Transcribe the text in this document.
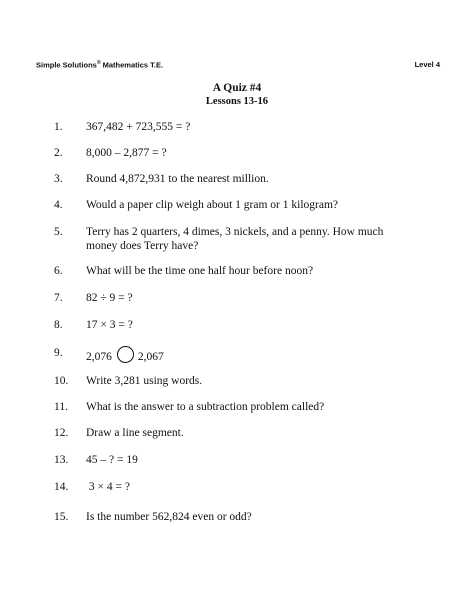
Simple Solutions® Mathematics T.E.	Level 4
A Quiz #4
Lessons 13-16
1.	367,482 + 723,555 = ?
2.	8,000 – 2,877 = ?
3.	Round 4,872,931 to the nearest million.
4.	Would a paper clip weigh about 1 gram or 1 kilogram?
5.	Terry has 2 quarters, 4 dimes, 3 nickels, and a penny. How much
money does Terry have?
6.	What will be the time one half hour before noon?
7.	82 ÷ 9 = ?
8.	17 × 3 = ?
9.	2,076 2,067
10.	Write 3,281 using words.
11.	What is the answer to a subtraction problem called?
12.	Draw a line segment.
13.	45 – ? = 19
14.	3 × 4 = ?
15.	Is the number 562,824 even or odd?
